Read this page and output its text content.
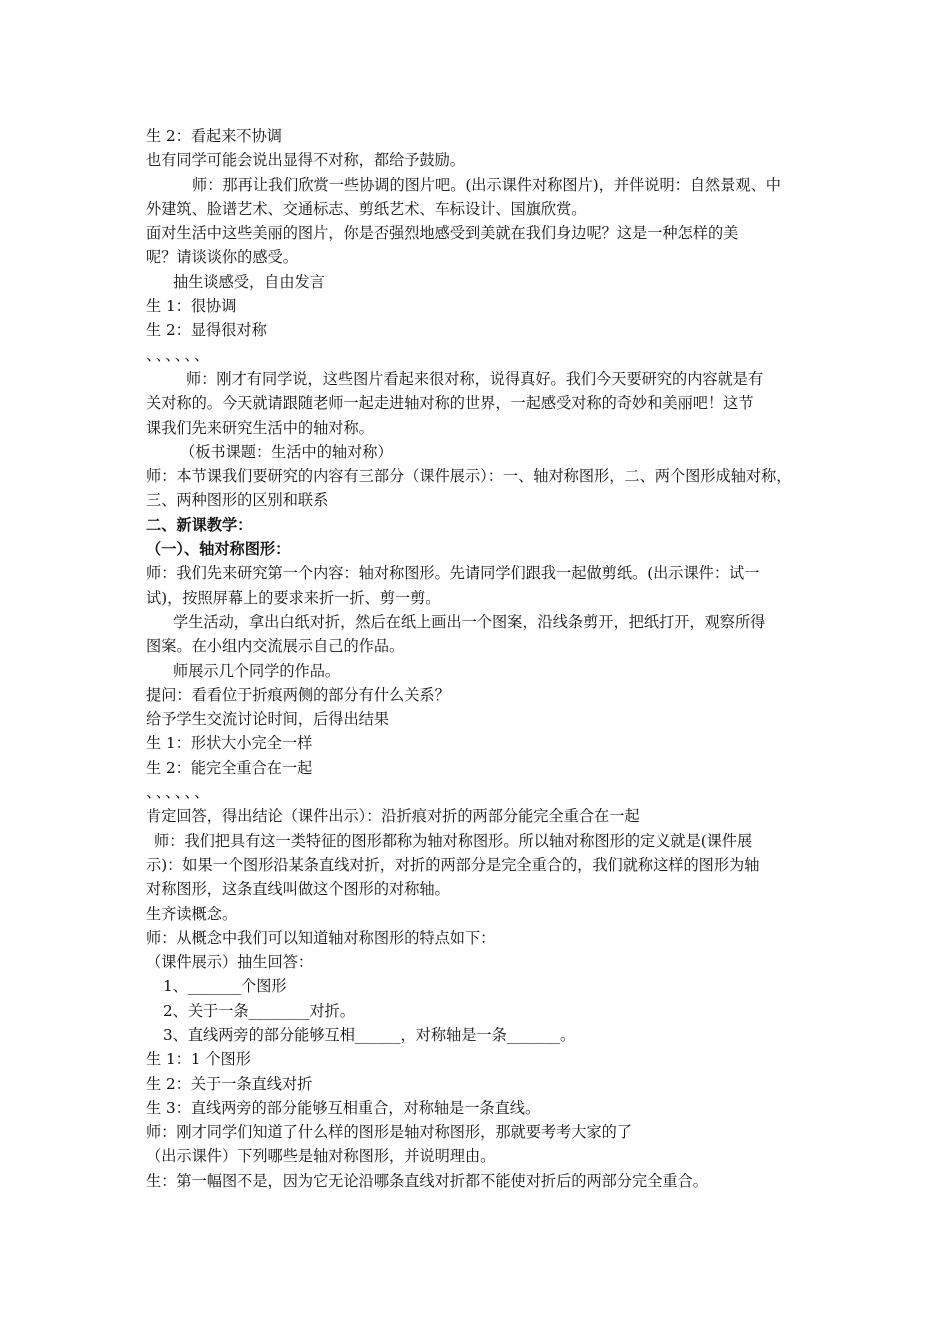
生 2：看起来不协调
也有同学可能会说出显得不对称，都给予鼓励。
师：那再让我们欣赏一些协调的图片吧。(出示课件对称图片)，并伴说明：自然景观、中
外建筑、脸谱艺术、交通标志、剪纸艺术、车标设计、国旗欣赏。
面对生活中这些美丽的图片，你是否强烈地感受到美就在我们身边呢？这是一种怎样的美
呢？请谈谈你的感受。
抽生谈感受，自由发言
生 1：很协调
生 2：显得很对称
、、、、、、
师：刚才有同学说，这些图片看起来很对称，说得真好。我们今天要研究的内容就是有
关对称的。今天就请跟随老师一起走进轴对称的世界，一起感受对称的奇妙和美丽吧！这节
课我们先来研究生活中的轴对称。
（板书课题：生活中的轴对称）
师：本节课我们要研究的内容有三部分（课件展示）：一、轴对称图形，二、两个图形成轴对称，
三、两种图形的区别和联系
二、新课教学：
（一）、轴对称图形：
师：我们先来研究第一个内容：轴对称图形。先请同学们跟我一起做剪纸。(出示课件：试一
试)，按照屏幕上的要求来折一折、剪一剪。
学生活动，拿出白纸对折，然后在纸上画出一个图案，沿线条剪开，把纸打开，观察所得
图案。在小组内交流展示自己的作品。
师展示几个同学的作品。
提问：看看位于折痕两侧的部分有什么关系？
给予学生交流讨论时间，后得出结果
生 1：形状大小完全一样
生 2：能完全重合在一起
、、、、、、
肯定回答，得出结论（课件出示）：沿折痕对折的两部分能完全重合在一起
师：我们把具有这一类特征的图形都称为轴对称图形。所以轴对称图形的定义就是(课件展
示)：如果一个图形沿某条直线对折，对折的两部分是完全重合的，我们就称这样的图形为轴
对称图形，这条直线叫做这个图形的对称轴。
生齐读概念。
师：从概念中我们可以知道轴对称图形的特点如下：
（课件展示）抽生回答：
1、_______个图形
2、关于一条________对折。
3、直线两旁的部分能够互相______，对称轴是一条_______。
生 1：1 个图形
生 2：关于一条直线对折
生 3：直线两旁的部分能够互相重合，对称轴是一条直线。
师：刚才同学们知道了什么样的图形是轴对称图形，那就要考考大家的了
（出示课件）下列哪些是轴对称图形，并说明理由。
生：第一幅图不是，因为它无论沿哪条直线对折都不能使对折后的两部分完全重合。
